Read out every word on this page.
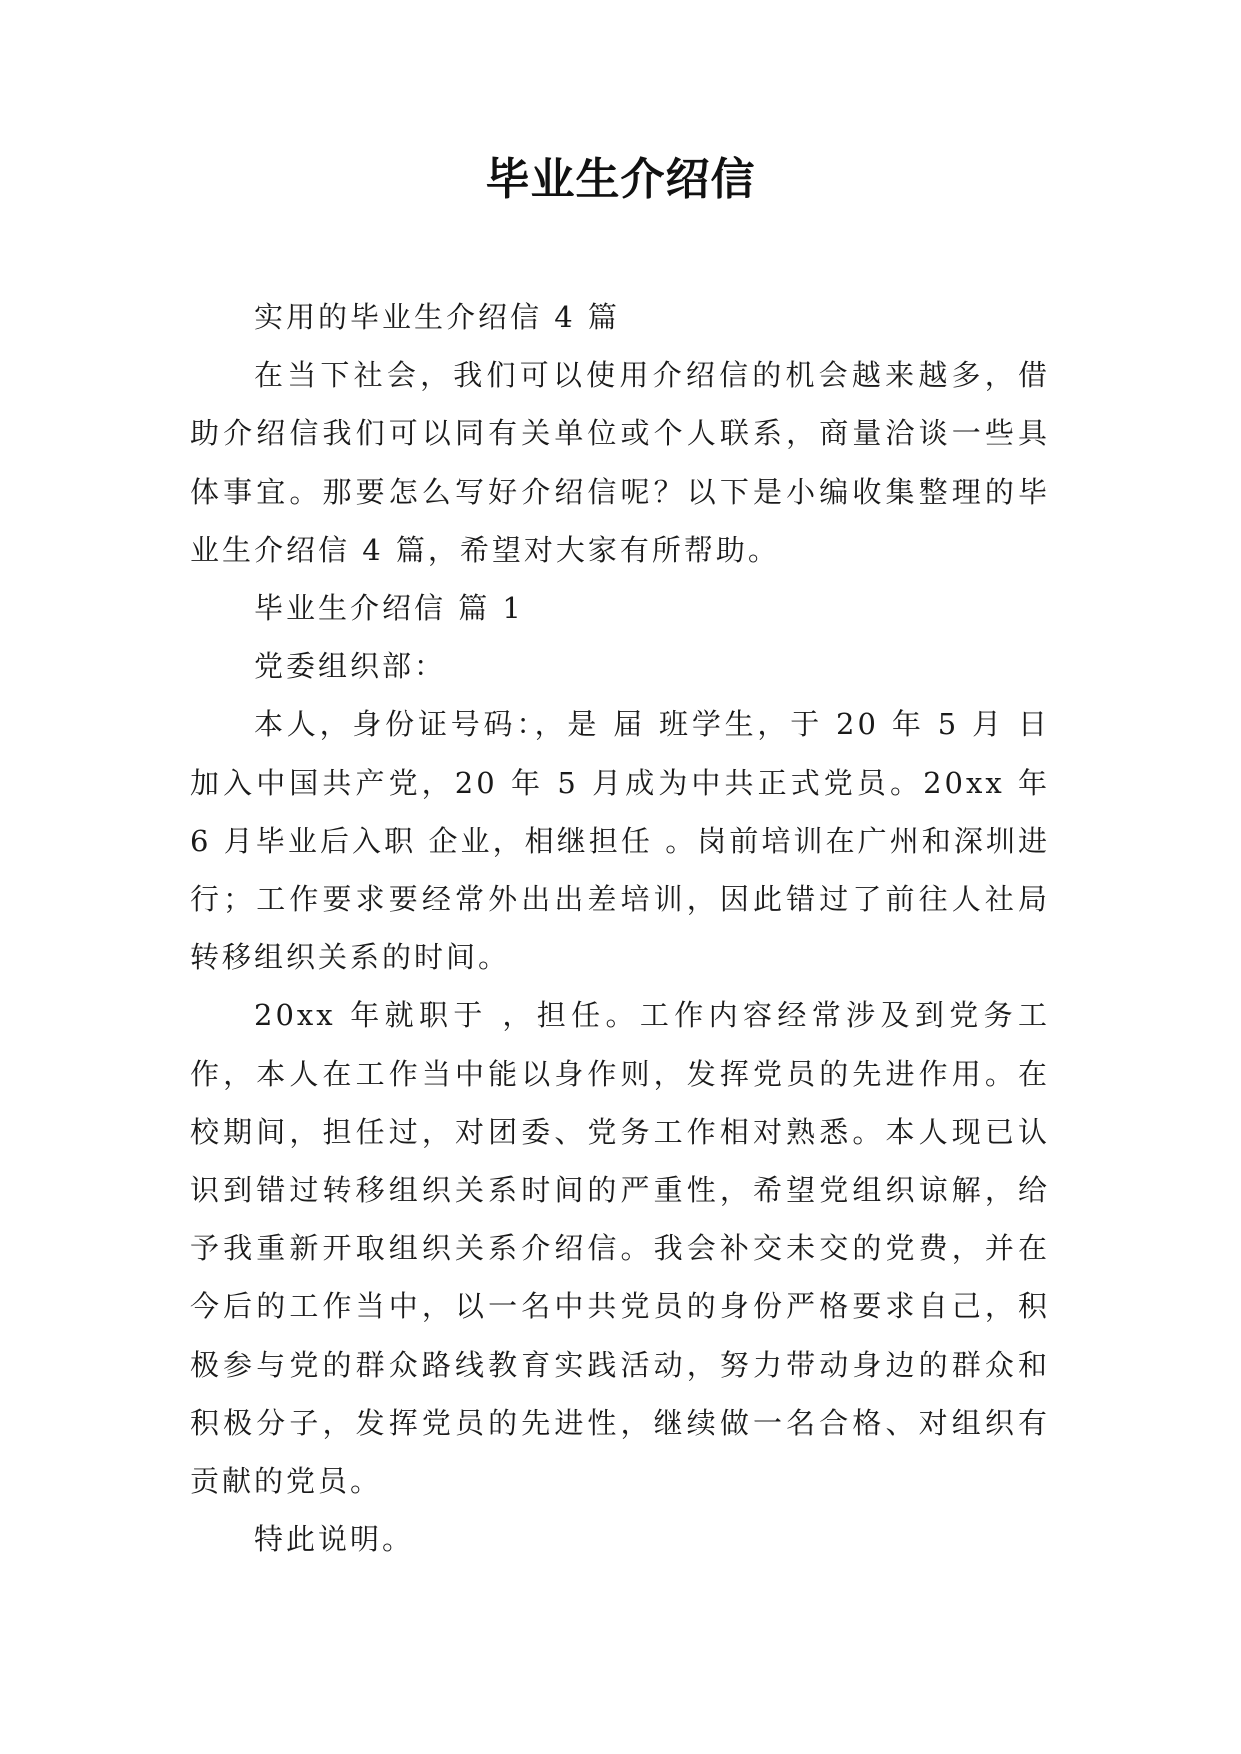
毕业生介绍信

实用的毕业生介绍信 4 篇

在当下社会，我们可以使用介绍信的机会越来越多，借助介绍信我们可以同有关单位或个人联系，商量洽谈一些具体事宜。那要怎么写好介绍信呢？以下是小编收集整理的毕业生介绍信 4 篇，希望对大家有所帮助。

毕业生介绍信 篇 1

党委组织部：

本人，身份证号码：，是 届 班学生，于 20 年 5 月 日加入中国共产党，20 年 5 月成为中共正式党员。20xx 年 6 月毕业后入职 企业，相继担任 。岗前培训在广州和深圳进行；工作要求要经常外出出差培训，因此错过了前往人社局转移组织关系的时间。

20xx 年就职于 ，担任。工作内容经常涉及到党务工作，本人在工作当中能以身作则，发挥党员的先进作用。在校期间，担任过，对团委、党务工作相对熟悉。本人现已认识到错过转移组织关系时间的严重性，希望党组织谅解，给予我重新开取组织关系介绍信。我会补交未交的党费，并在今后的工作当中，以一名中共党员的身份严格要求自己，积极参与党的群众路线教育实践活动，努力带动身边的群众和积极分子，发挥党员的先进性，继续做一名合格、对组织有贡献的党员。

特此说明。
